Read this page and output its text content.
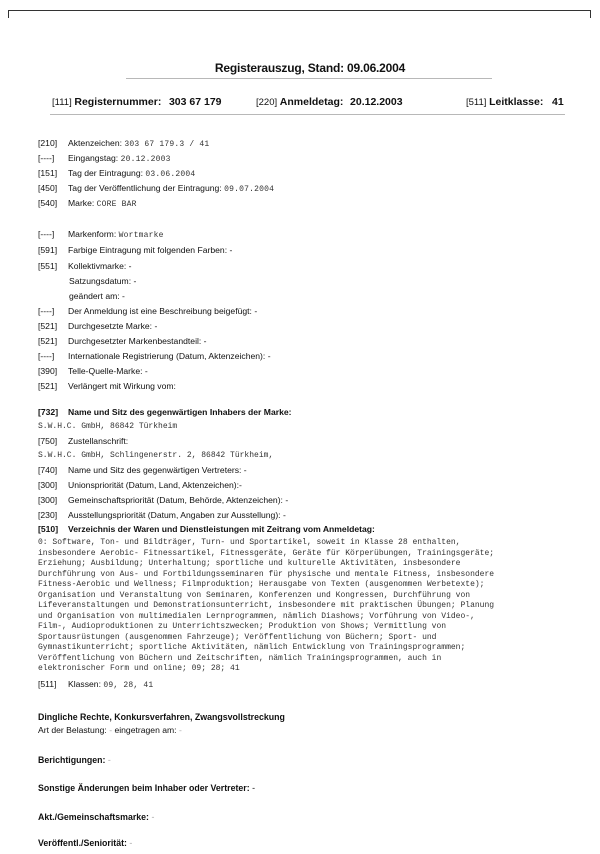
Registerauszug, Stand: 09.06.2004
[111] Registernummer: 303 67 179	[220] Anmeldetag: 20.12.2003	[511] Leitklasse: 41
[210] Aktenzeichen: 303 67 179.3 / 41
[----] Eingangstag: 20.12.2003
[151] Tag der Eintragung: 03.06.2004
[450] Tag der Veröffentlichung der Eintragung: 09.07.2004
[540] Marke: CORE BAR
[----] Markenform: Wortmarke
[591] Farbige Eintragung mit folgenden Farben: -
[551] Kollektivmarke: -
Satzungsdatum: -
geändert am: -
[----] Der Anmeldung ist eine Beschreibung beigefügt: -
[521] Durchgesetzte Marke: -
[521] Durchgesetzter Markenbestandteil: -
[----] Internationale Registrierung (Datum, Aktenzeichen): -
[390] Telle-Quelle-Marke: -
[521] Verlängert mit Wirkung vom:
[732] Name und Sitz des gegenwärtigen Inhabers der Marke:
S.W.H.C. GmbH, 86842 Türkheim
[750] Zustellanschrift:
S.W.H.C. GmbH, Schlingenerstr. 2, 86842 Türkheim,
[740] Name und Sitz des gegenwärtigen Vertreters: -
[300] Unionspriorität (Datum, Land, Aktenzeichen):-
[300] Gemeinschaftspriorität (Datum, Behörde, Aktenzeichen): -
[230] Ausstellungspriorität (Datum, Angaben zur Ausstellung): -
[510] Verzeichnis der Waren und Dienstleistungen mit Zeitrang vom Anmeldetag:
0: Software, Ton- und Bildträger, Turn- und Sportartikel, soweit in Klasse 28 enthalten,
insbesondere Aerobic- Fitnessartikel, Fitnessgeräte, Geräte für Körperübungen, Trainingsgeräte;
Erziehung; Ausbildung; Unterhaltung; sportliche und kulturelle Aktivitäten, insbesondere
Durchführung von Aus- und Fortbildungsseminaren für physische und mentale Fitness, insbesondere
Fitness-Aerobic und Wellness; Filmproduktion; Herausgabe von Texten (ausgenommen Werbetexte);
Organisation und Veranstaltung von Seminaren, Konferenzen und Kongressen, Durchführung von
Lifeveranstaltungen und Demonstrationsunterricht, insbesondere mit praktischen Übungen; Planung
und Organisation von multimedialen Lernprogrammen, nämlich Diashows; Vorführung von Video-,
Film-, Audioproduktionen zu Unterrichtszwecken; Produktion von Shows; Vermittlung von
Sportausrüstungen (ausgenommen Fahrzeuge); Veröffentlichung von Büchern; Sport- und
Gymnastikunterricht; sportliche Aktivitäten, nämlich Entwicklung von Trainingsprogrammen;
Veröffentlichung von Büchern und Zeitschriften, nämlich Trainingsprogrammen, auch in
elektronischer Form und online; 09; 28; 41
[511] Klassen: 09, 28, 41
Dingliche Rechte, Konkursverfahren, Zwangsvollstreckung
Art der Belastung: - eingetragen am: -
Berichtigungen: -
Sonstige Änderungen beim Inhaber oder Vertreter: -
Akt./Gemeinschaftsmarke: -
Veröffentl./Seniorität: -
